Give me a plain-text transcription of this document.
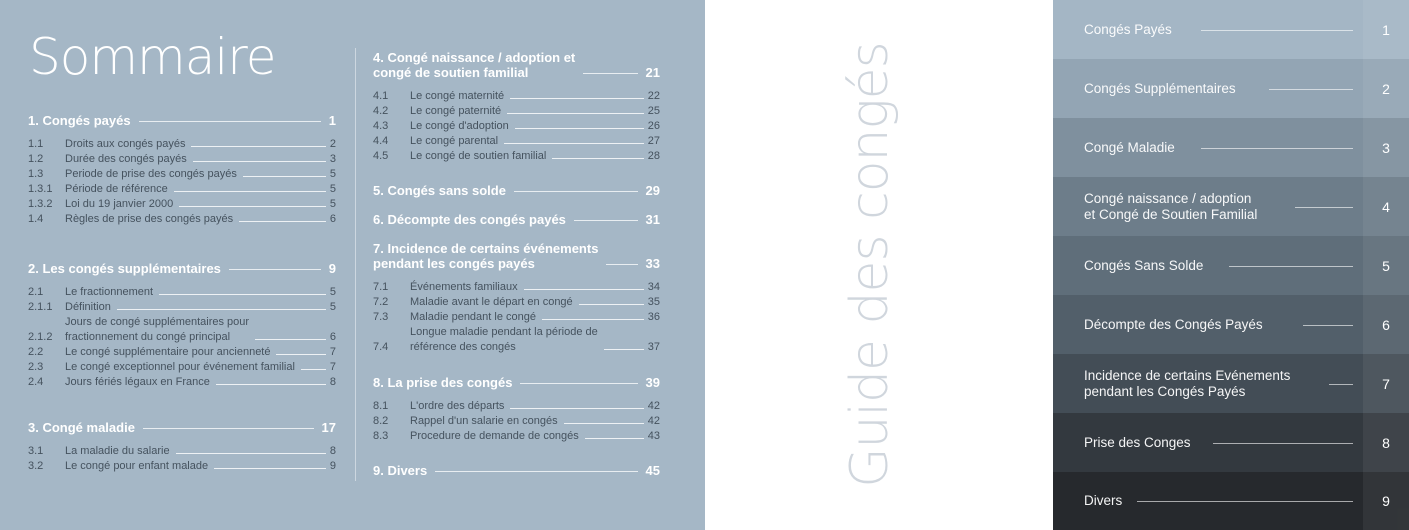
Sommaire
1. Congés payés	1
1.1	Droits aux congés payés	2
1.2	Durée des congés payés	3
1.3	Periode de prise des congés payés	5
1.3.1	Période de référence	5
1.3.2	Loi du 19 janvier 2000	5
1.4	Règles de prise des congés payés	6
2. Les congés supplémentaires	9
2.1	Le fractionnement	5
2.1.1	Définition	5
2.1.2
Jours de congé supplémentaires pour
fractionnement du congé principal	6
2.2	Le congé supplémentaire pour ancienneté	7
2.3	Le congé exceptionnel pour événement familial	7
2.4	Jours fériés légaux en France	8
3. Congé maladie	17
3.1	La maladie du salarie	8
3.2	Le congé pour enfant malade	9
4. Congé naissance / adoption et
congé de soutien familial	21
4.1	Le congé maternité	22
4.2	Le congé paternité	25
4.3	Le congé d'adoption	26
4.4	Le congé parental	27
4.5	Le congé de soutien familial	28
5. Congés sans solde	29
6. Décompte des congés payés	31
7. Incidence de certains événements
pendant les congés payés	33
7.1	Événements familiaux	34
7.2	Maladie avant le départ en congé	35
7.3	Maladie pendant le congé	36
7.4
Longue maladie pendant la période de
référence des congés	37
8. La prise des congés	39
8.1	L'ordre des départs	42
8.2	Rappel d'un salarie en congés	42
8.3	Procedure de demande de congés	43
9. Divers	45	Guide des congés
Congés Payés	1
Congés Supplémentaires	2
Congé Maladie	3
Congé naissance / adoption
et Congé de Soutien Familial	4
Congés Sans Solde	5
Décompte des Congés Payés	6
Incidence de certains Evénements
pendant les Congés Payés	7
Prise des Conges	8
Divers	9
